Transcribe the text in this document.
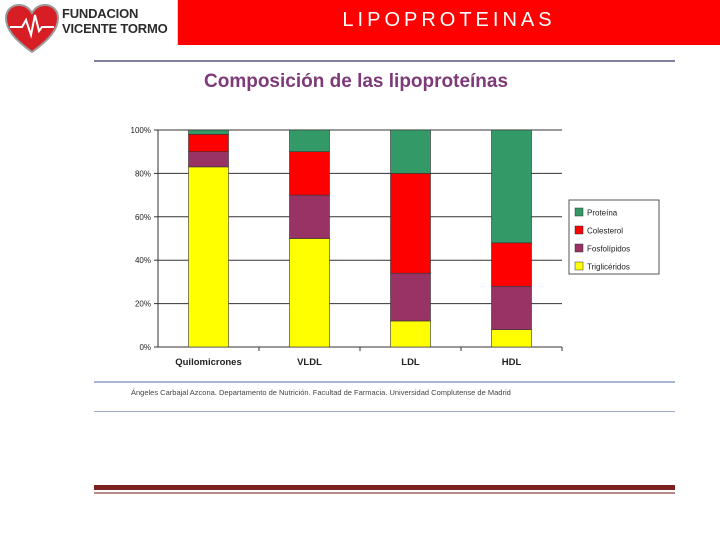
FUNDACION
VICENTE TORMO	LIPOPROTEINAS
Composición de las lipoproteínas
0%
20%
40%
60%
80%
100%
Quilomicrones	VLDL	LDL	HDL
Proteína
Colesterol
Fosfolípidos
Triglicéridos
Ángeles Carbajal Azcona. Departamento de Nutrición. Facultad de Farmacia. Universidad Complutense de Madrid
